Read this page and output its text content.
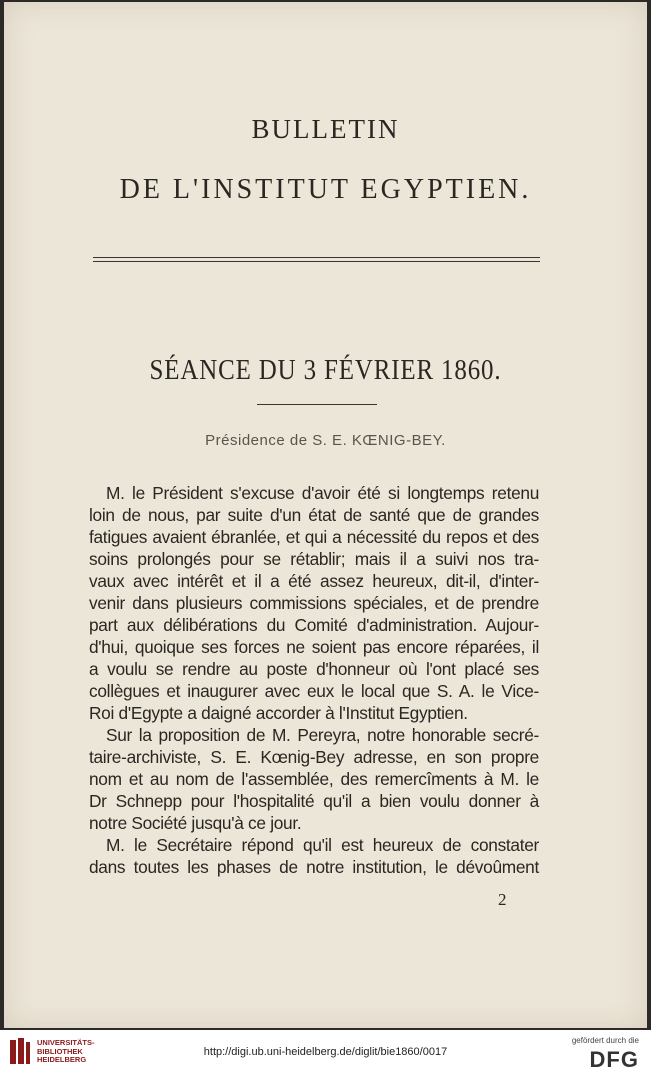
BULLETIN
DE L'INSTITUT EGYPTIEN.
SÉANCE DU 3 FÉVRIER 1860.
Présidence de S. E. KŒNIG-BEY.
M. le Président s'excuse d'avoir été si longtemps retenu
loin de nous, par suite d'un état de santé que de grandes
fatigues avaient ébranlée, et qui a nécessité du repos et des
soins prolongés pour se rétablir; mais il a suivi nos tra-
vaux avec intérêt et il a été assez heureux, dit-il, d'inter-
venir dans plusieurs commissions spéciales, et de prendre
part aux délibérations du Comité d'administration. Aujour-
d'hui, quoique ses forces ne soient pas encore réparées, il
a voulu se rendre au poste d'honneur où l'ont placé ses
collègues et inaugurer avec eux le local que S. A. le Vice-
Roi d'Egypte a daigné accorder à l'Institut Egyptien.
Sur la proposition de M. Pereyra, notre honorable secré-
taire-archiviste, S. E. Kœnig-Bey adresse, en son propre
nom et au nom de l'assemblée, des remercîments à M. le
Dr Schnepp pour l'hospitalité qu'il a bien voulu donner à
notre Société jusqu'à ce jour.
M. le Secrétaire répond qu'il est heureux de constater
dans toutes les phases de notre institution, le dévoûment
2
UNIVERSITÄTS-
BIBLIOTHEK
HEIDELBERG
http://digi.ub.uni-heidelberg.de/diglit/bie1860/0017
gefördert durch die
DFG
